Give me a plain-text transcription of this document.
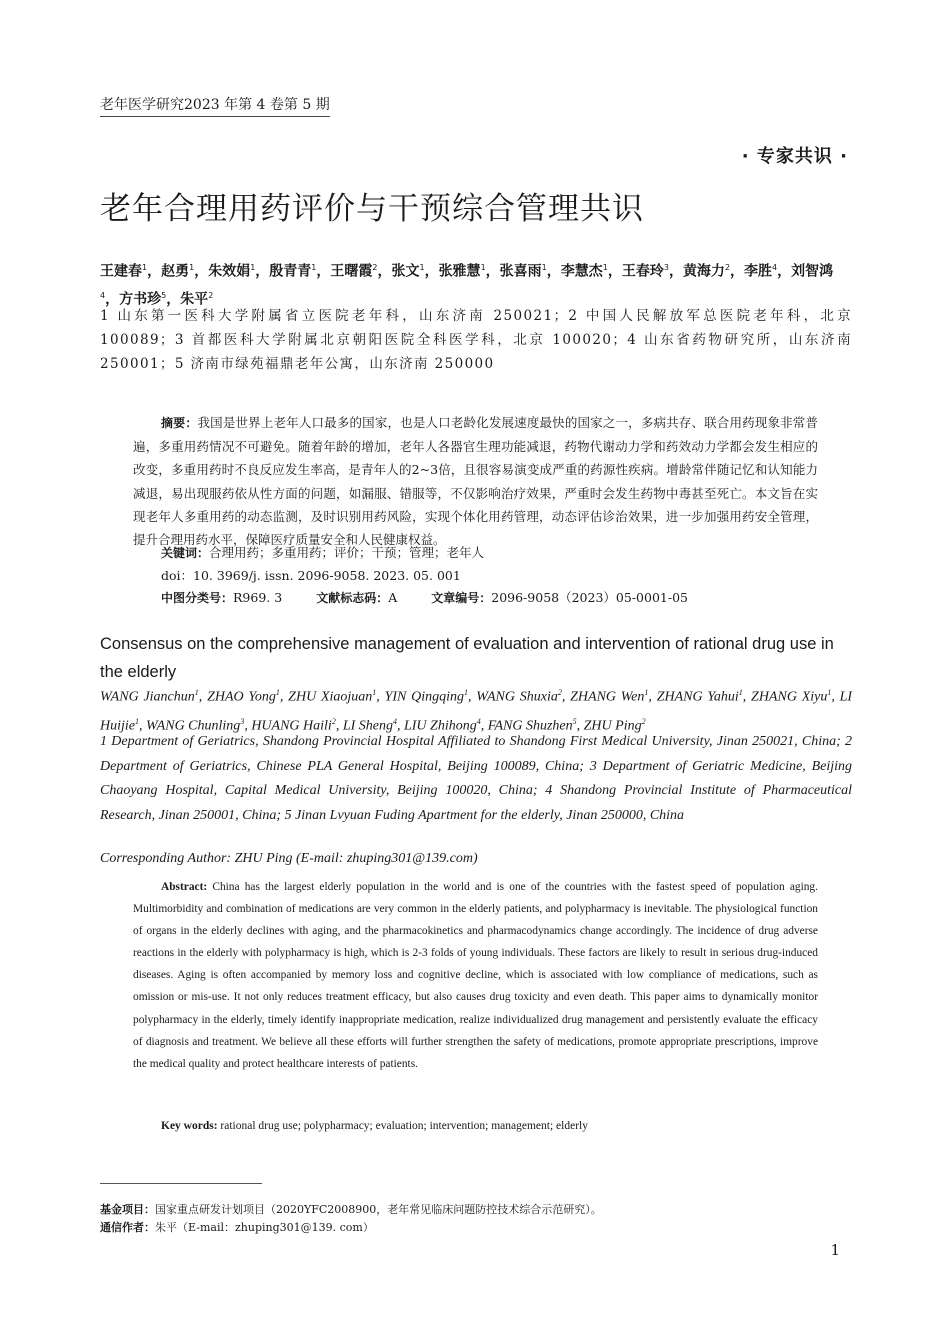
老年医学研究2023 年第 4 卷第 5 期
· 专家共识 ·
老年合理用药评价与干预综合管理共识
王建春$^1$，赵勇$^1$，朱效娟$^1$，殷青青$^1$，王曙霞$^2$，张文$^1$，张雅慧$^1$，张喜雨$^1$，李慧杰$^1$，王春玲$^3$，黄海力$^2$，李胜$^4$，刘智鸿$^4$，方书珍$^5$，朱平$^2$
1 山东第一医科大学附属省立医院老年科，山东济南 250021；2 中国人民解放军总医院老年科，北京 100089；3 首都医科大学附属北京朝阳医院全科医学科，北京 100020；4 山东省药物研究所，山东济南 250001；5 济南市绿苑福鼎老年公寓，山东济南 250000
摘要：我国是世界上老年人口最多的国家，也是人口老龄化发展速度最快的国家之一，多病共存、联合用药现象非常普遍，多重用药情况不可避免。随着年龄的增加，老年人各器官生理功能减退，药物代谢动力学和药效动力学都会发生相应的改变，多重用药时不良反应发生率高，是青年人的2~3倍，且很容易演变成严重的药源性疾病。增龄常伴随记忆和认知能力减退，易出现服药依从性方面的问题，如漏服、错服等，不仅影响治疗效果，严重时会发生药物中毒甚至死亡。本文旨在实现老年人多重用药的动态监测，及时识别用药风险，实现个体化用药管理，动态评估诊治效果，进一步加强用药安全管理，提升合理用药水平，保障医疗质量安全和人民健康权益。
关键词：合理用药；多重用药；评价；干预；管理；老年人
doi：10. 3969/j. issn. 2096-9058. 2023. 05. 001
中图分类号：R969. 3	文献标志码：A	文章编号：2096-9058（2023）05-0001-05
Consensus on the comprehensive management of evaluation and intervention of rational drug use in the elderly
WANG Jianchun$^1$, ZHAO Yong$^1$, ZHU Xiaojuan$^1$, YIN Qingqing$^1$, WANG Shuxia$^2$, ZHANG Wen$^1$, ZHANG Yahui$^1$, ZHANG Xiyu$^1$, LI Huijie$^1$, WANG Chunling$^3$, HUANG Haili$^2$, LI Sheng$^4$, LIU Zhihong$^4$, FANG Shuzhen$^5$, ZHU Ping$^2$
1 Department of Geriatrics, Shandong Provincial Hospital Affiliated to Shandong First Medical University, Jinan 250021, China; 2 Department of Geriatrics, Chinese PLA General Hospital, Beijing 100089, China; 3 Department of Geriatric Medicine, Beijing Chaoyang Hospital, Capital Medical University, Beijing 100020, China; 4 Shandong Provincial Institute of Pharmaceutical Research, Jinan 250001, China; 5 Jinan Lvyuan Fuding Apartment for the elderly, Jinan 250000, China
Corresponding Author: ZHU Ping (E-mail: zhuping301@139.com)
Abstract: China has the largest elderly population in the world and is one of the countries with the fastest speed of population aging. Multimorbidity and combination of medications are very common in the elderly patients, and polypharmacy is inevitable. The physiological function of organs in the elderly declines with aging, and the pharmacokinetics and pharmacodynamics change accordingly. The incidence of drug adverse reactions in the elderly with polypharmacy is high, which is 2-3 folds of young individuals. These factors are likely to result in serious drug-induced diseases. Aging is often accompanied by memory loss and cognitive decline, which is associated with low compliance of medications, such as omission or mis-use. It not only reduces treatment efficacy, but also causes drug toxicity and even death. This paper aims to dynamically monitor polypharmacy in the elderly, timely identify inappropriate medication, realize individualized drug management and persistently evaluate the efficacy of diagnosis and treatment. We believe all these efforts will further strengthen the safety of medications, promote appropriate prescriptions, improve the medical quality and protect healthcare interests of patients.
Key words: rational drug use; polypharmacy; evaluation; intervention; management; elderly
基金项目：国家重点研发计划项目（2020YFC2008900，老年常见临床问题防控技术综合示范研究）。
通信作者：朱平（E-mail：zhuping301@139. com）
1
